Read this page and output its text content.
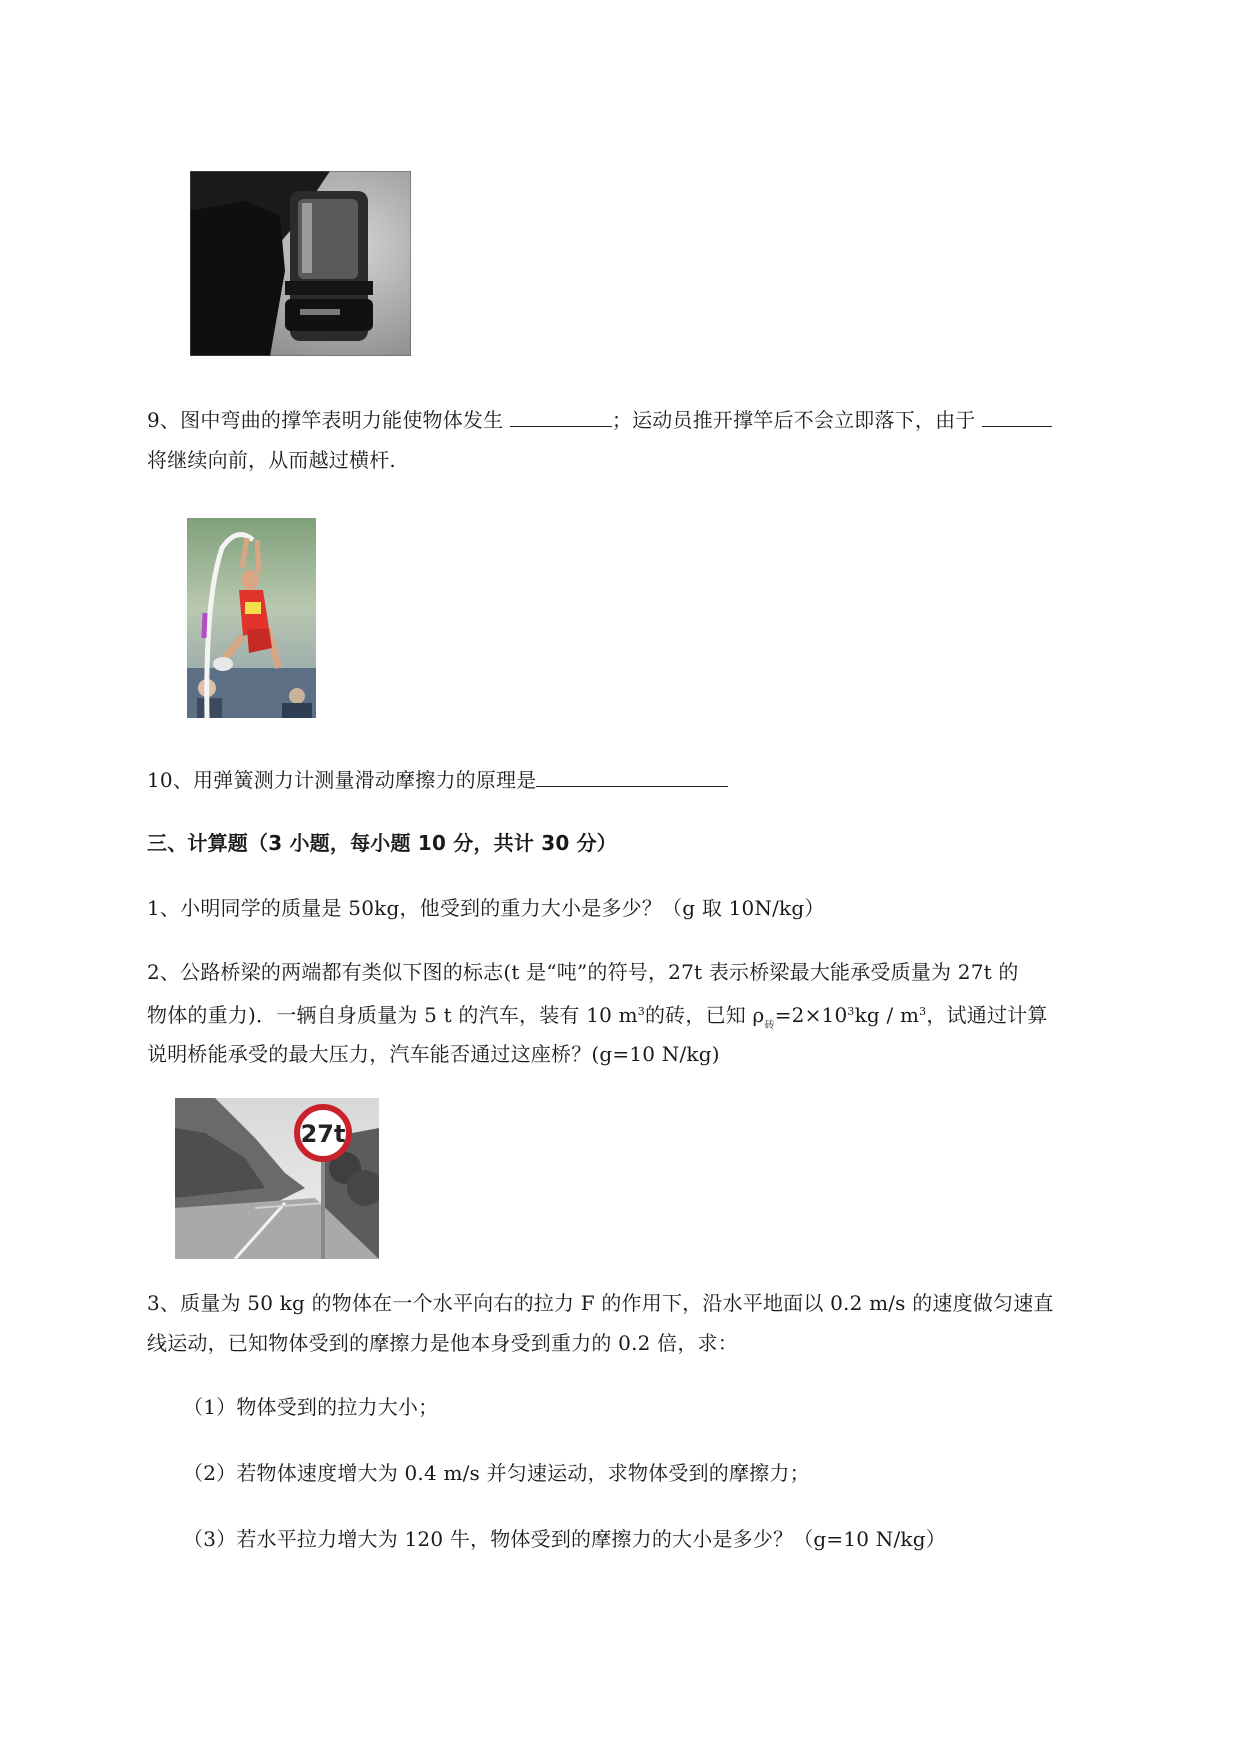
9、图中弯曲的撑竿表明力能使物体发生	；运动员推开撑竿后不会立即落下，由于
将继续向前，从而越过横杆.
10、用弹簧测力计测量滑动摩擦力的原理是
三、计算题（3 小题，每小题 10 分，共计 30 分）
1、小明同学的质量是 50kg，他受到的重力大小是多少？（g 取 10N/kg）
2、公路桥梁的两端都有类似下图的标志(t 是“吨”的符号，27t 表示桥梁最大能承受质量为 27t 的
物体的重力)．一辆自身质量为 5 t 的汽车，装有 10 $m^3$的砖，已知 $\rho_砖=2\times 10^3kg / m^3$，试通过计算
说明桥能承受的最大压力，汽车能否通过这座桥？(g=10 N/kg)
27t
3、质量为 50 kg 的物体在一个水平向右的拉力 F 的作用下，沿水平地面以 0.2 m/s 的速度做匀速直
线运动，已知物体受到的摩擦力是他本身受到重力的 0.2 倍，求：
（1）物体受到的拉力大小；
（2）若物体速度增大为 0.4 m/s 并匀速运动，求物体受到的摩擦力；
（3）若水平拉力增大为 120 牛，物体受到的摩擦力的大小是多少？（g=10 N/kg）
